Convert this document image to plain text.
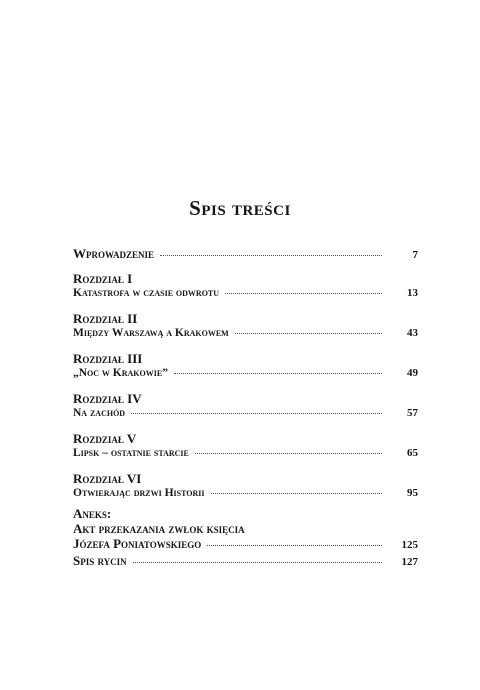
Spis treści
Wprowadzenie	7
Rozdział I
Katastrofa w czasie odwrotu	13
Rozdział II
Między Warszawą a Krakowem	43
Rozdział III
„Noc w Krakowie”	49
Rozdział IV
Na zachód	57
Rozdział V
Lipsk – ostatnie starcie	65
Rozdział VI
Otwierając drzwi Historii	95
Aneks:
Akt przekazania zwłok księcia
Józefa Poniatowskiego	125
Spis rycin	127
